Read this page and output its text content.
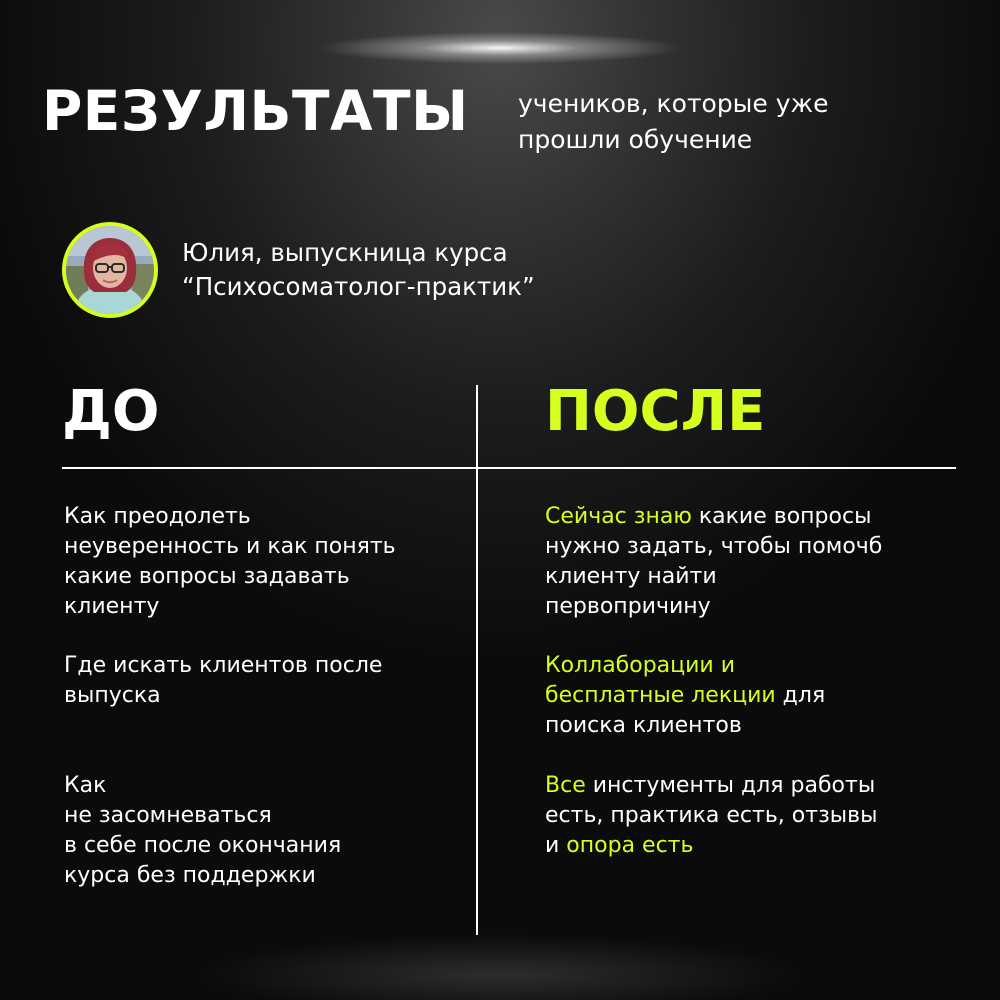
РЕЗУЛЬТАТЫ учеников, которые уже
прошли обучение
Юлия, выпускница курса
“Психосоматолог-практик”
ДО	ПОСЛЕ
Как преодолеть
неуверенность и как понять
какие вопросы задавать
клиенту
Где искать клиентов после
выпуска
Как
не засомневаться
в себе после окончания
курса без поддержки
Сейчас знаю какие вопросы
нужно задать, чтобы помочб
клиенту найти
первопричину
Коллаборации и
бесплатные лекции для
поиска клиентов
Все инстументы для работы
есть, практика есть, отзывы
и опора есть
